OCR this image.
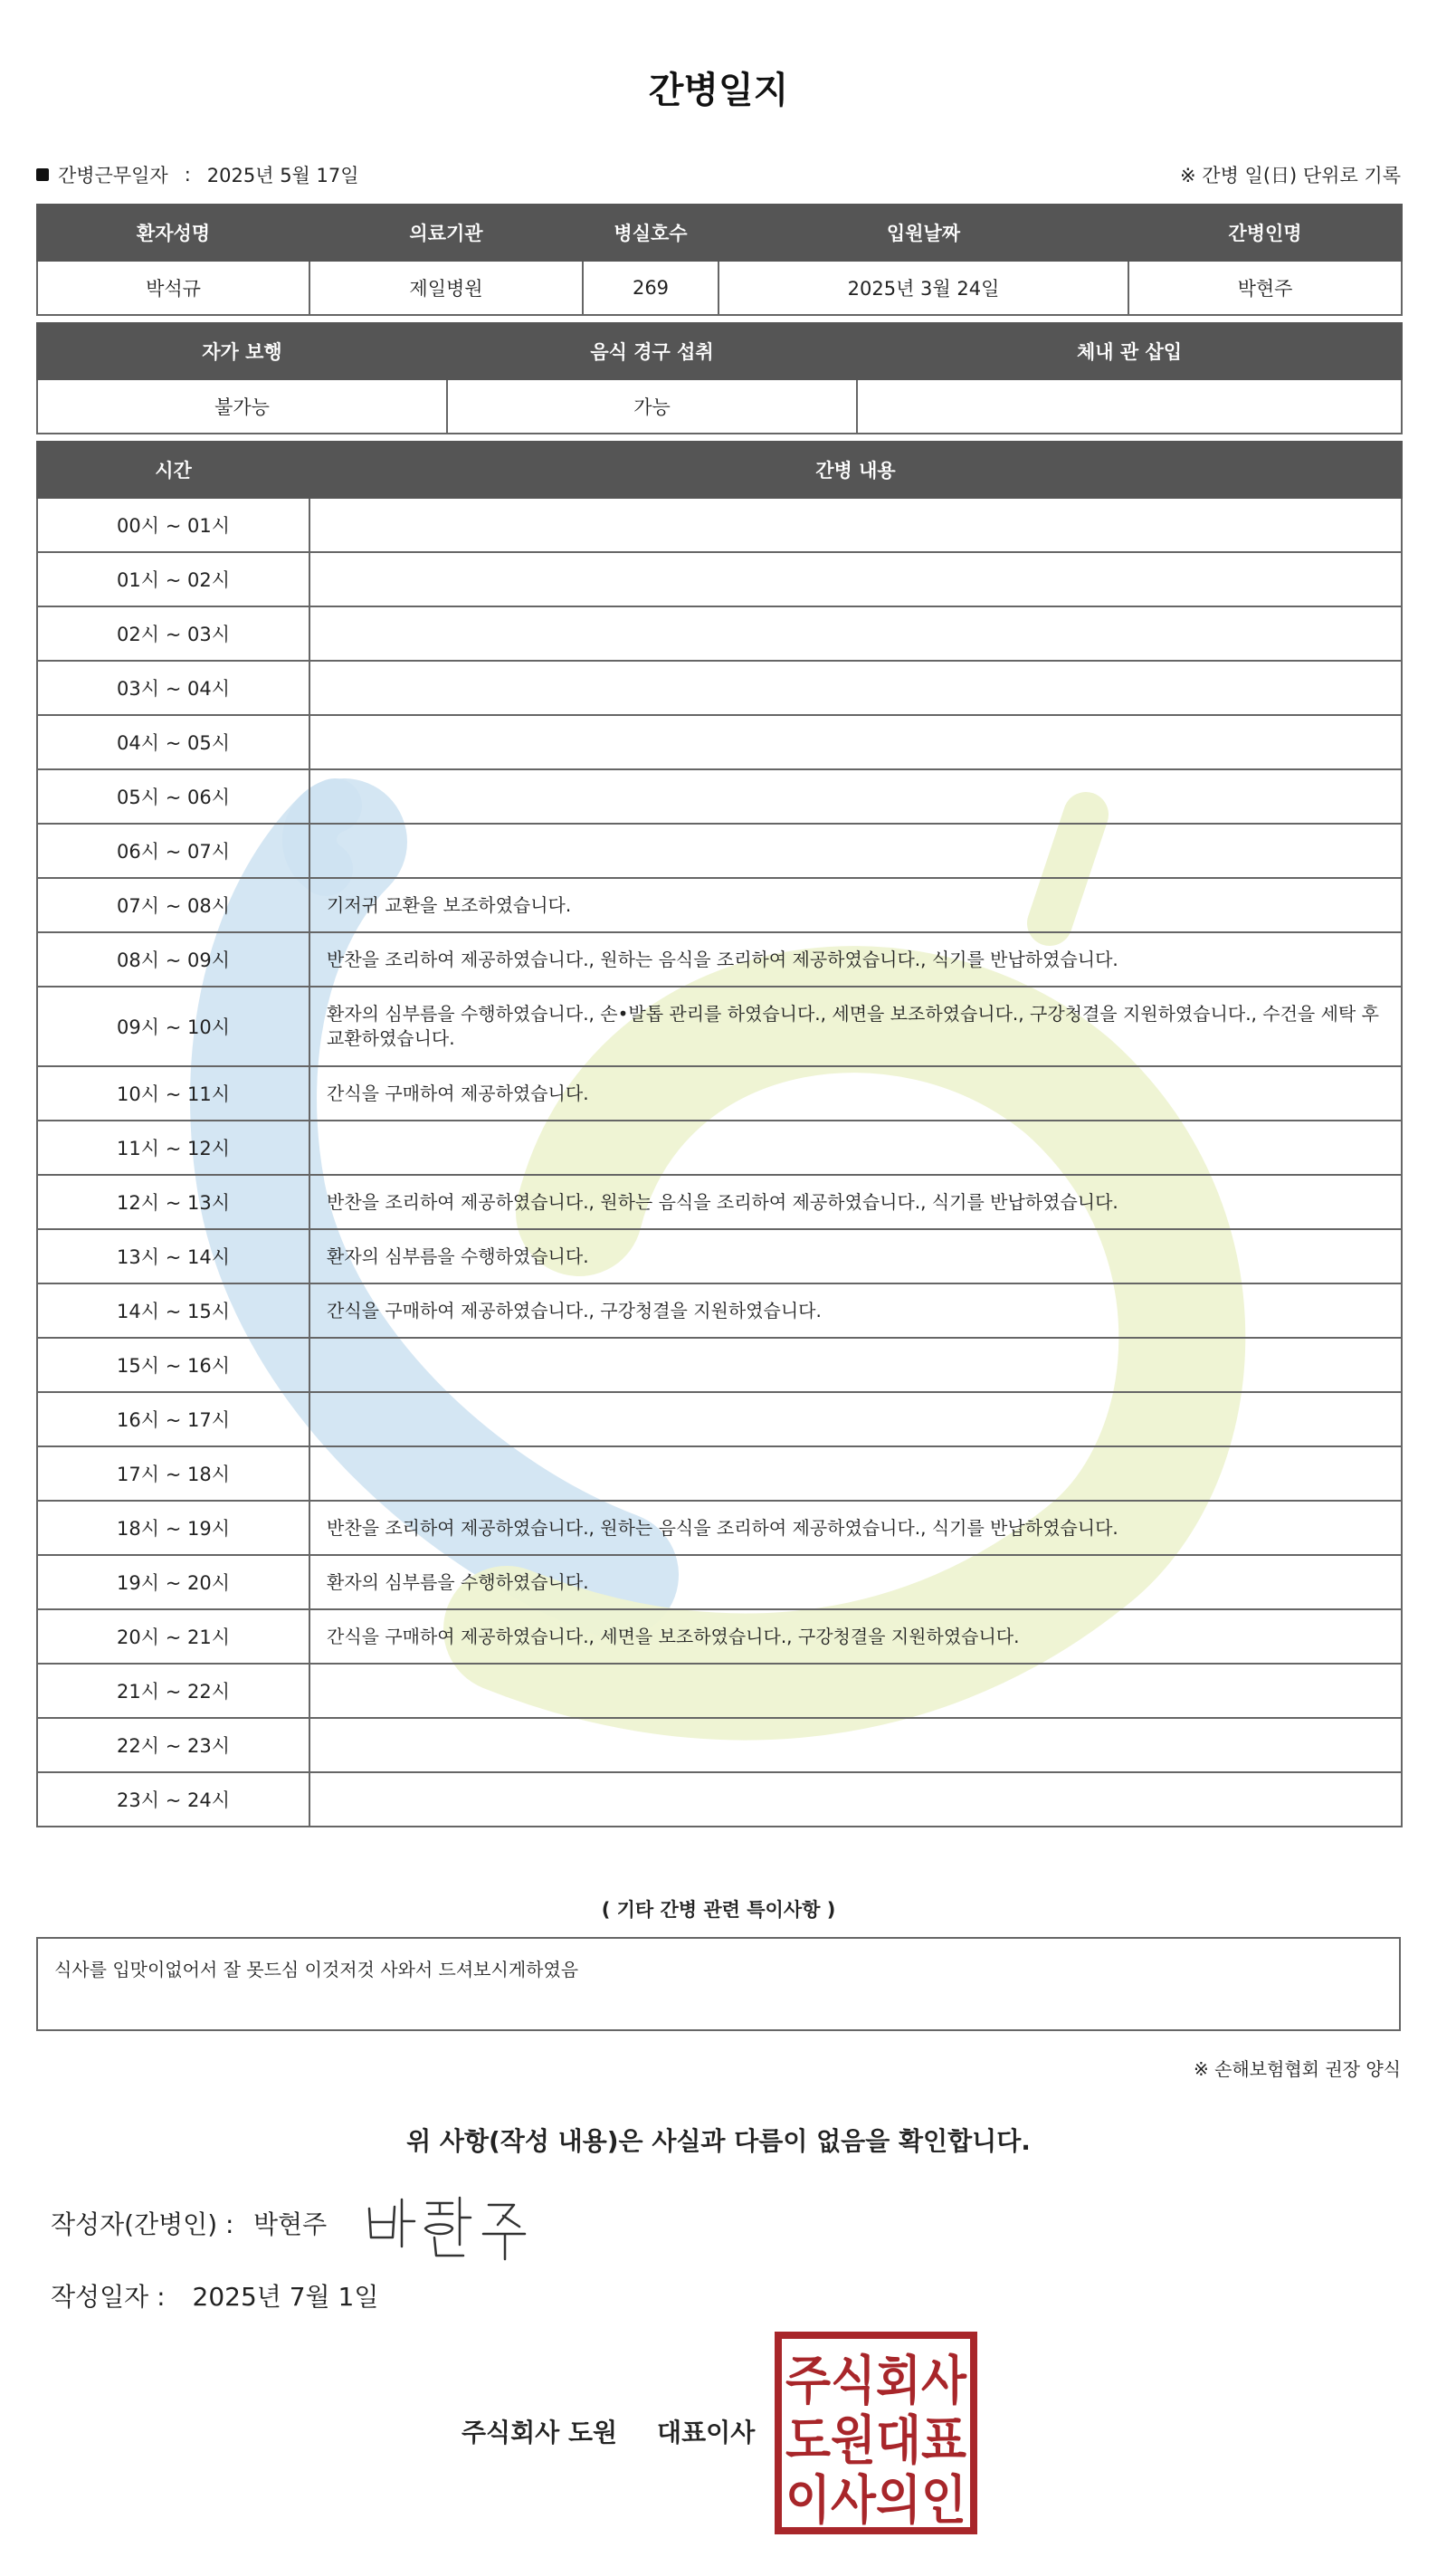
간병일지
간병근무일자 : 2025년 5월 17일	※ 간병 일(日) 단위로 기록
환자성명	의료기관	병실호수	입원날짜	간병인명
박석규	제일병원	269	2025년 3월 24일	박현주
자가 보행	음식 경구 섭취	체내 관 삽입
불가능	가능	
시간	간병 내용
00시 ~ 01시	
01시 ~ 02시	
02시 ~ 03시	
03시 ~ 04시	
04시 ~ 05시	
05시 ~ 06시	
06시 ~ 07시	
07시 ~ 08시	기저귀 교환을 보조하였습니다.
08시 ~ 09시	반찬을 조리하여 제공하였습니다., 원하는 음식을 조리하여 제공하였습니다., 식기를 반납하였습니다.
09시 ~ 10시	환자의 심부름을 수행하였습니다., 손•발톱 관리를 하였습니다., 세면을 보조하였습니다., 구강청결을 지원하였습니다., 수건을 세탁 후 교환하였습니다.
10시 ~ 11시	간식을 구매하여 제공하였습니다.
11시 ~ 12시	
12시 ~ 13시	반찬을 조리하여 제공하였습니다., 원하는 음식을 조리하여 제공하였습니다., 식기를 반납하였습니다.
13시 ~ 14시	환자의 심부름을 수행하였습니다.
14시 ~ 15시	간식을 구매하여 제공하였습니다., 구강청결을 지원하였습니다.
15시 ~ 16시	
16시 ~ 17시	
17시 ~ 18시	
18시 ~ 19시	반찬을 조리하여 제공하였습니다., 원하는 음식을 조리하여 제공하였습니다., 식기를 반납하였습니다.
19시 ~ 20시	환자의 심부름을 수행하였습니다.
20시 ~ 21시	간식을 구매하여 제공하였습니다., 세면을 보조하였습니다., 구강청결을 지원하였습니다.
21시 ~ 22시	
22시 ~ 23시	
23시 ~ 24시	
( 기타 간병 관련 특이사항 )
식사를 입맛이없어서 잘 못드심 이것저것 사와서 드셔보시게하였음
※ 손해보험협회 권장 양식
위 사항(작성 내용)은 사실과 다름이 없음을 확인합니다.
작성자(간병인) : 박현주
작성일자 : 2025년 7월 1일
주식회사 도원 대표이사
주식회사
도원대표
이사의인
